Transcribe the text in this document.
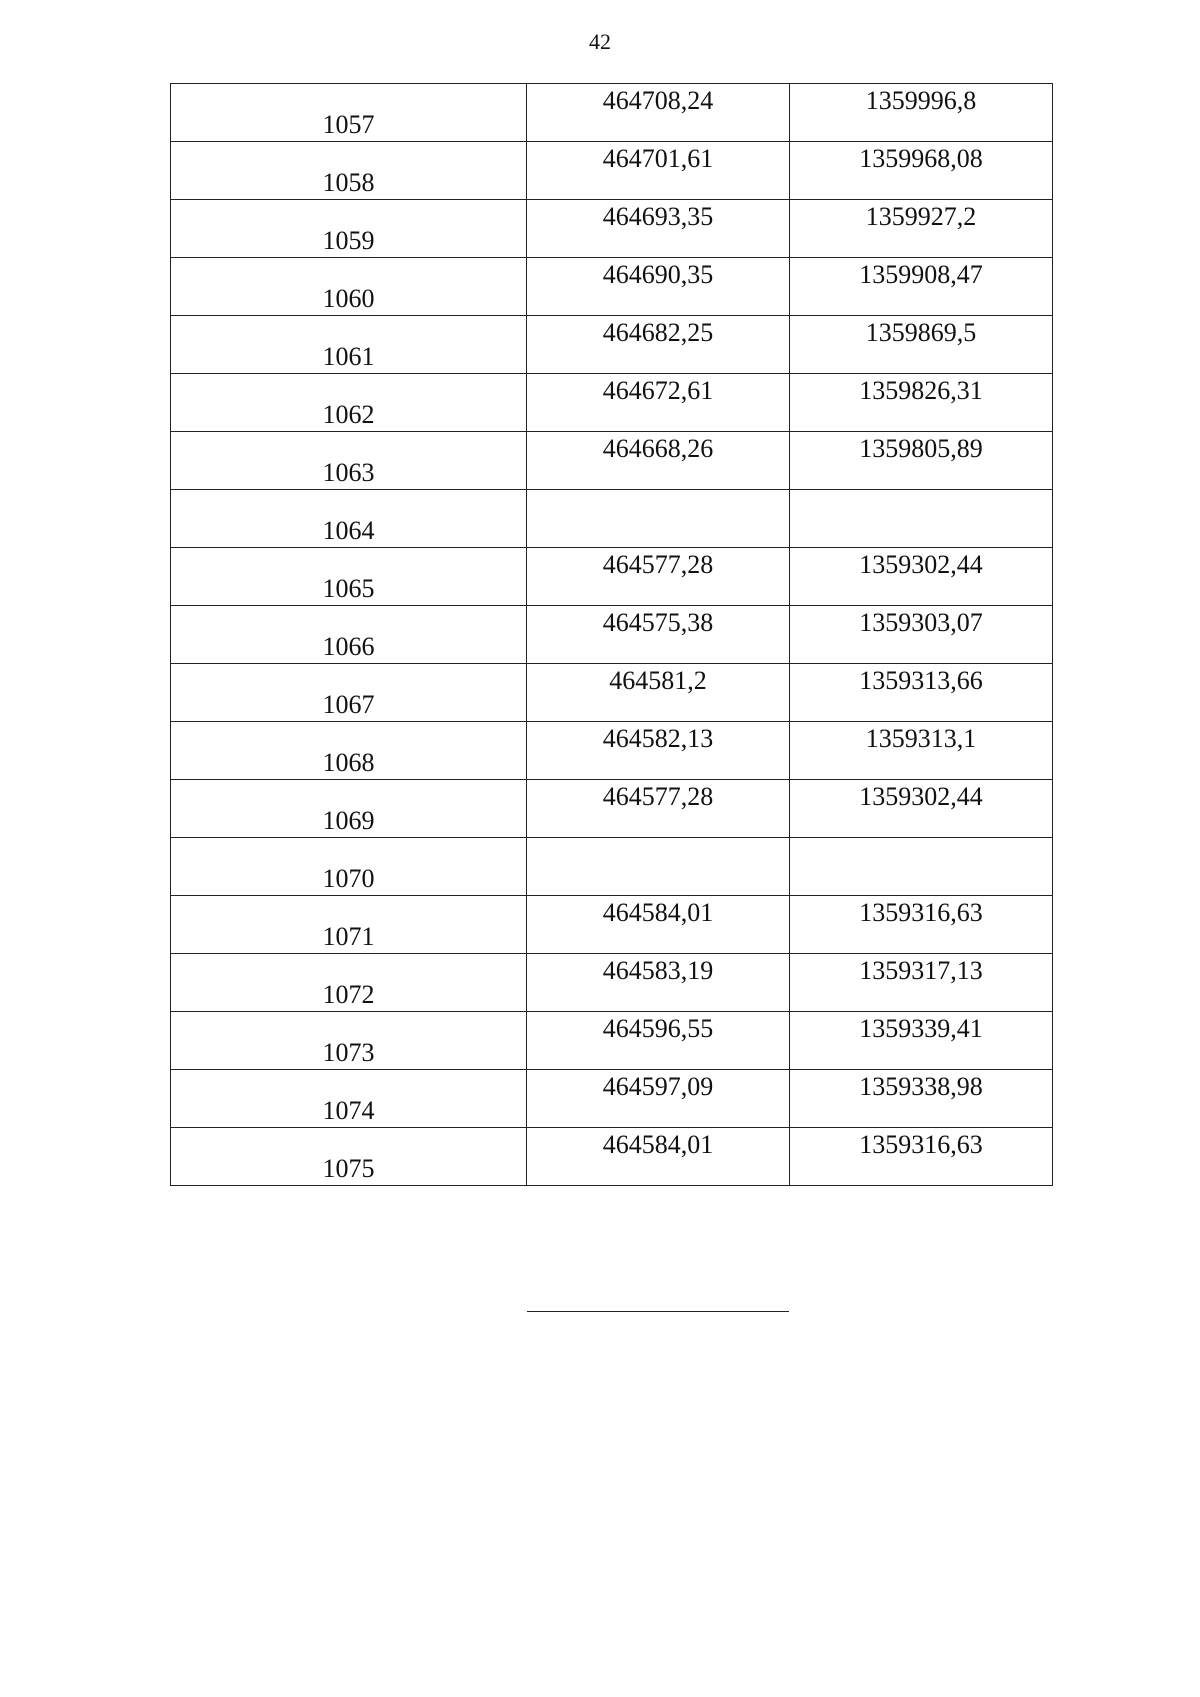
42
1057	464708,24	1359996,8

1058	464701,61	1359968,08

1059	464693,35	1359927,2

1060	464690,35	1359908,47

1061	464682,25	1359869,5

1062	464672,61	1359826,31

1063	464668,26	1359805,89

1064		

1065	464577,28	1359302,44

1066	464575,38	1359303,07

1067	464581,2	1359313,66

1068	464582,13	1359313,1

1069	464577,28	1359302,44

1070		

1071	464584,01	1359316,63

1072	464583,19	1359317,13

1073	464596,55	1359339,41

1074	464597,09	1359338,98

1075	464584,01	1359316,63
